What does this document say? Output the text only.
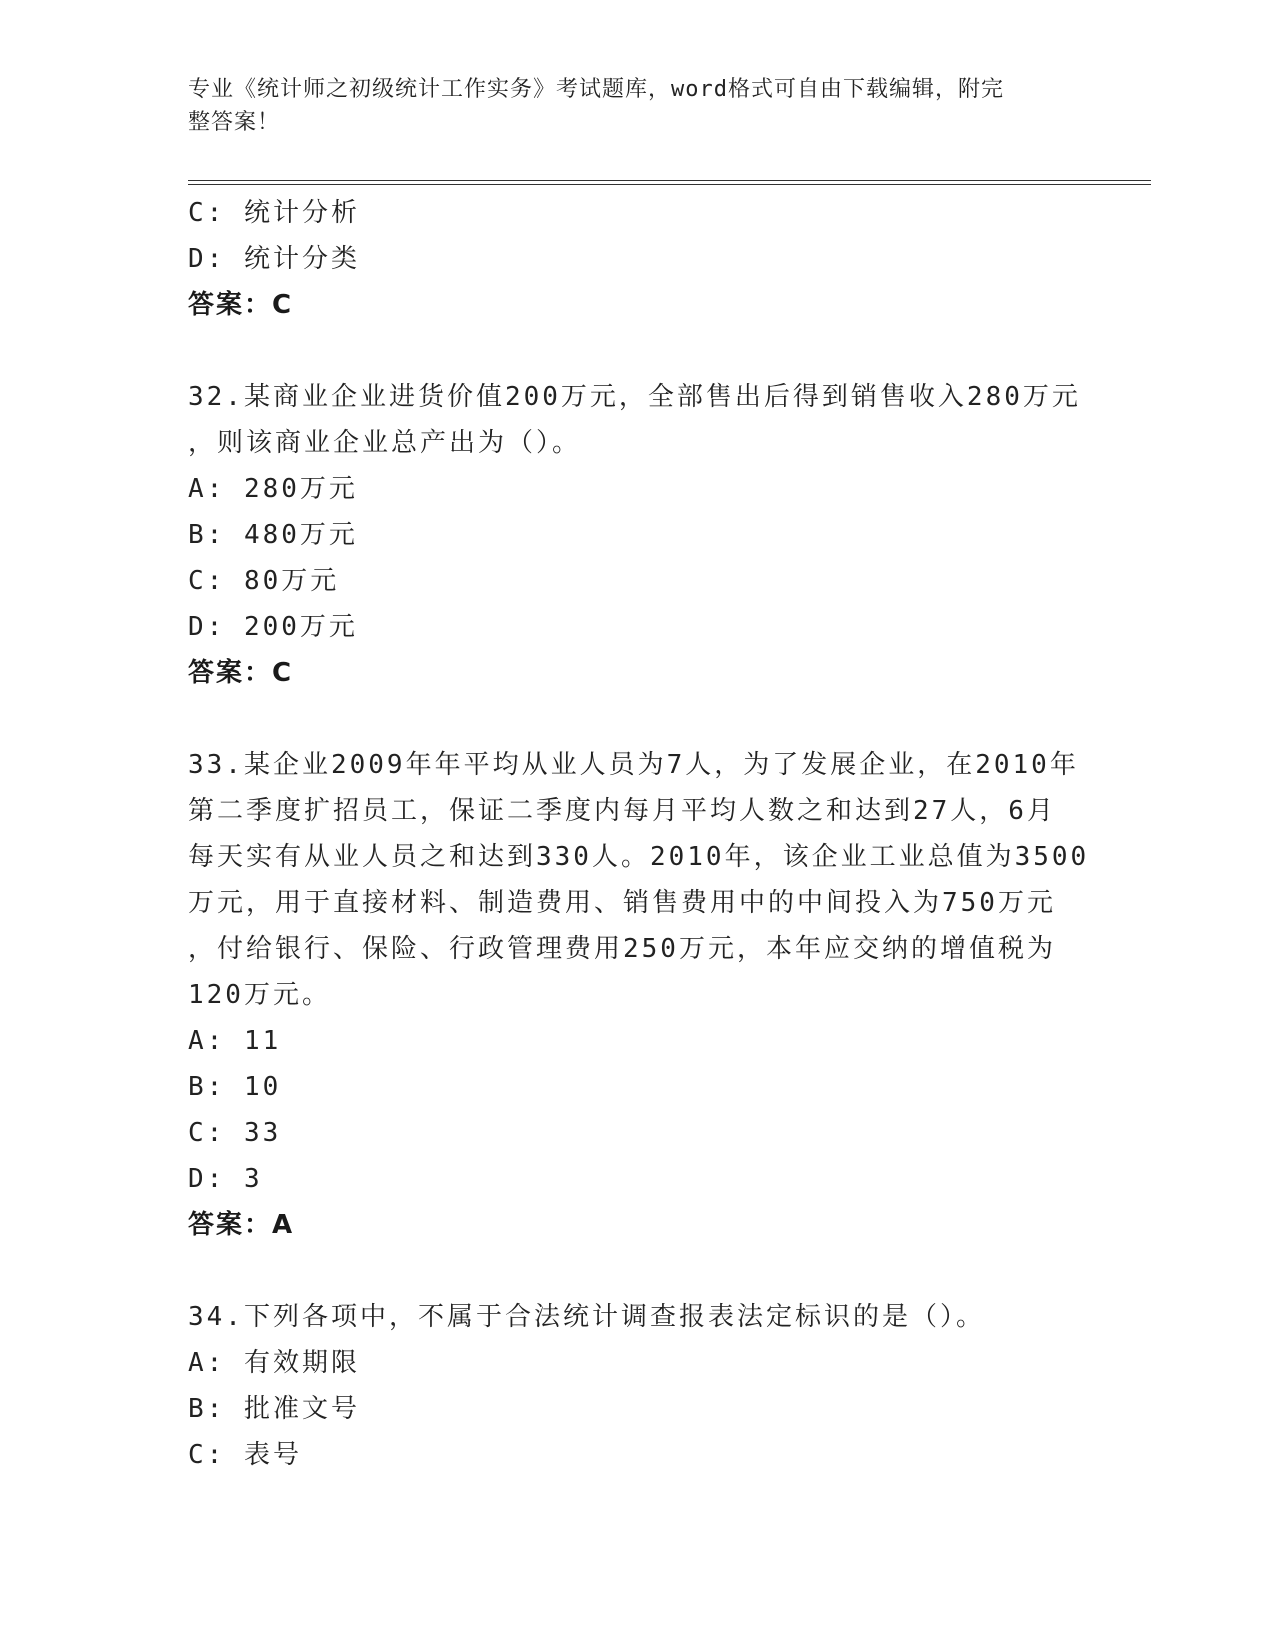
专业《统计师之初级统计工作实务》考试题库，word格式可自由下载编辑，附完
整答案！
C: 统计分析
D: 统计分类
答案：C
32.某商业企业进货价值200万元，全部售出后得到销售收入280万元
，则该商业企业总产出为（）。
A: 280万元
B: 480万元
C: 80万元
D: 200万元
答案：C
33.某企业2009年年平均从业人员为7人，为了发展企业，在2010年
第二季度扩招员工，保证二季度内每月平均人数之和达到27人，6月
每天实有从业人员之和达到330人。2010年，该企业工业总值为3500
万元，用于直接材料、制造费用、销售费用中的中间投入为750万元
，付给银行、保险、行政管理费用250万元，本年应交纳的增值税为
120万元。
A: 11
B: 10
C: 33
D: 3
答案：A
34.下列各项中，不属于合法统计调查报表法定标识的是（）。
A: 有效期限
B: 批准文号
C: 表号
